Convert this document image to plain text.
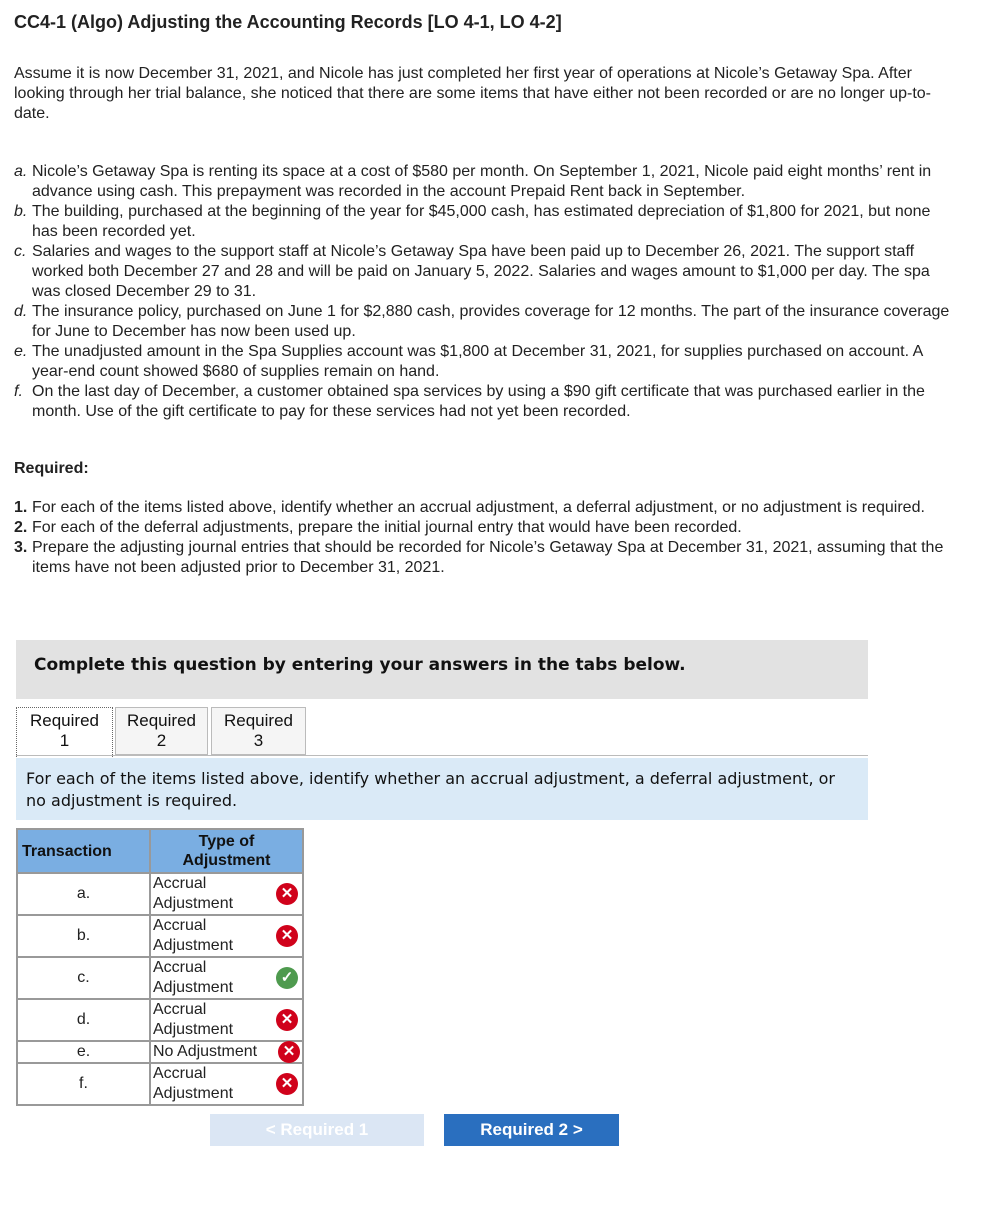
CC4-1 (Algo) Adjusting the Accounting Records [LO 4-1, LO 4-2]
Assume it is now December 31, 2021, and Nicole has just completed her first year of operations at Nicole’s Getaway Spa. After looking through her trial balance, she noticed that there are some items that have either not been recorded or are no longer up-to-date.
a. Nicole’s Getaway Spa is renting its space at a cost of $580 per month. On September 1, 2021, Nicole paid eight months’ rent in advance using cash. This prepayment was recorded in the account Prepaid Rent back in September.
b. The building, purchased at the beginning of the year for $45,000 cash, has estimated depreciation of $1,800 for 2021, but none has been recorded yet.
c. Salaries and wages to the support staff at Nicole’s Getaway Spa have been paid up to December 26, 2021. The support staff worked both December 27 and 28 and will be paid on January 5, 2022. Salaries and wages amount to $1,000 per day. The spa was closed December 29 to 31.
d. The insurance policy, purchased on June 1 for $2,880 cash, provides coverage for 12 months. The part of the insurance coverage for June to December has now been used up.
e. The unadjusted amount in the Spa Supplies account was $1,800 at December 31, 2021, for supplies purchased on account. A year-end count showed $680 of supplies remain on hand.
f. On the last day of December, a customer obtained spa services by using a $90 gift certificate that was purchased earlier in the month. Use of the gift certificate to pay for these services had not yet been recorded.
Required:
1. For each of the items listed above, identify whether an accrual adjustment, a deferral adjustment, or no adjustment is required.
2. For each of the deferral adjustments, prepare the initial journal entry that would have been recorded.
3. Prepare the adjusting journal entries that should be recorded for Nicole’s Getaway Spa at December 31, 2021, assuming that the items have not been adjusted prior to December 31, 2021.
Complete this question by entering your answers in the tabs below.
Required
1
Required
2
Required
3
For each of the items listed above, identify whether an accrual adjustment, a deferral adjustment, or no adjustment is required.
Transaction	Type of
Adjustment

a.	Accrual Adjustment
✕

b.	Accrual Adjustment
✕

c.	Accrual Adjustment
✓

d.	Accrual Adjustment
✕

e.	No Adjustment ✕

f.	Accrual Adjustment
✕
< Required 1	Required 2 >
